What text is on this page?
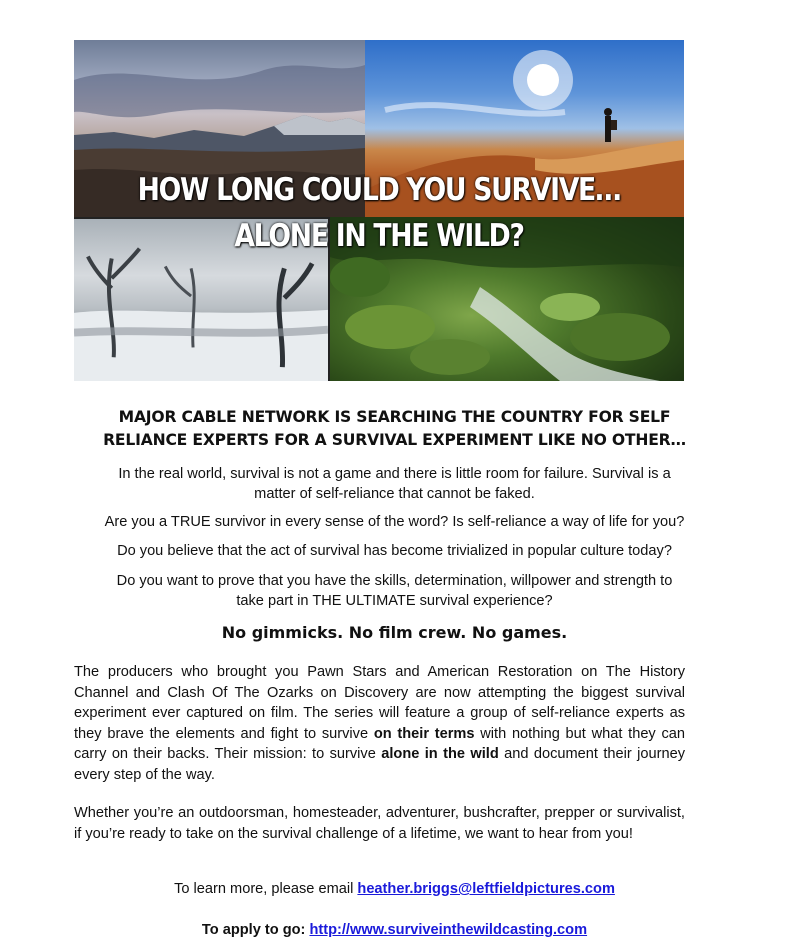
HOW LONG COULD YOU SURVIVE…
ALONE IN THE WILD?
MAJOR CABLE NETWORK IS SEARCHING THE COUNTRY FOR SELF
RELIANCE EXPERTS FOR A SURVIVAL EXPERIMENT LIKE NO OTHER…
In the real world, survival is not a game and there is little room for failure. Survival is a
matter of self-reliance that cannot be faked.
Are you a TRUE survivor in every sense of the word? Is self-reliance a way of life for you?
Do you believe that the act of survival has become trivialized in popular culture today?
Do you want to prove that you have the skills, determination, willpower and strength to
take part in THE ULTIMATE survival experience?
No gimmicks. No film crew. No games.
The producers who brought you Pawn Stars and American Restoration on The History Channel and Clash Of The Ozarks on Discovery are now attempting the biggest survival experiment ever captured on film. The series will feature a group of self-reliance experts as they brave the elements and fight to survive on their terms with nothing but what they can carry on their backs. Their mission: to survive alone in the wild and document their journey every step of the way.
Whether you’re an outdoorsman, homesteader, adventurer, bushcrafter, prepper or survivalist, if you’re ready to take on the survival challenge of a lifetime, we want to hear from you!
To learn more, please email heather.briggs@leftfieldpictures.com
To apply to go: http://www.surviveinthewildcasting.com
